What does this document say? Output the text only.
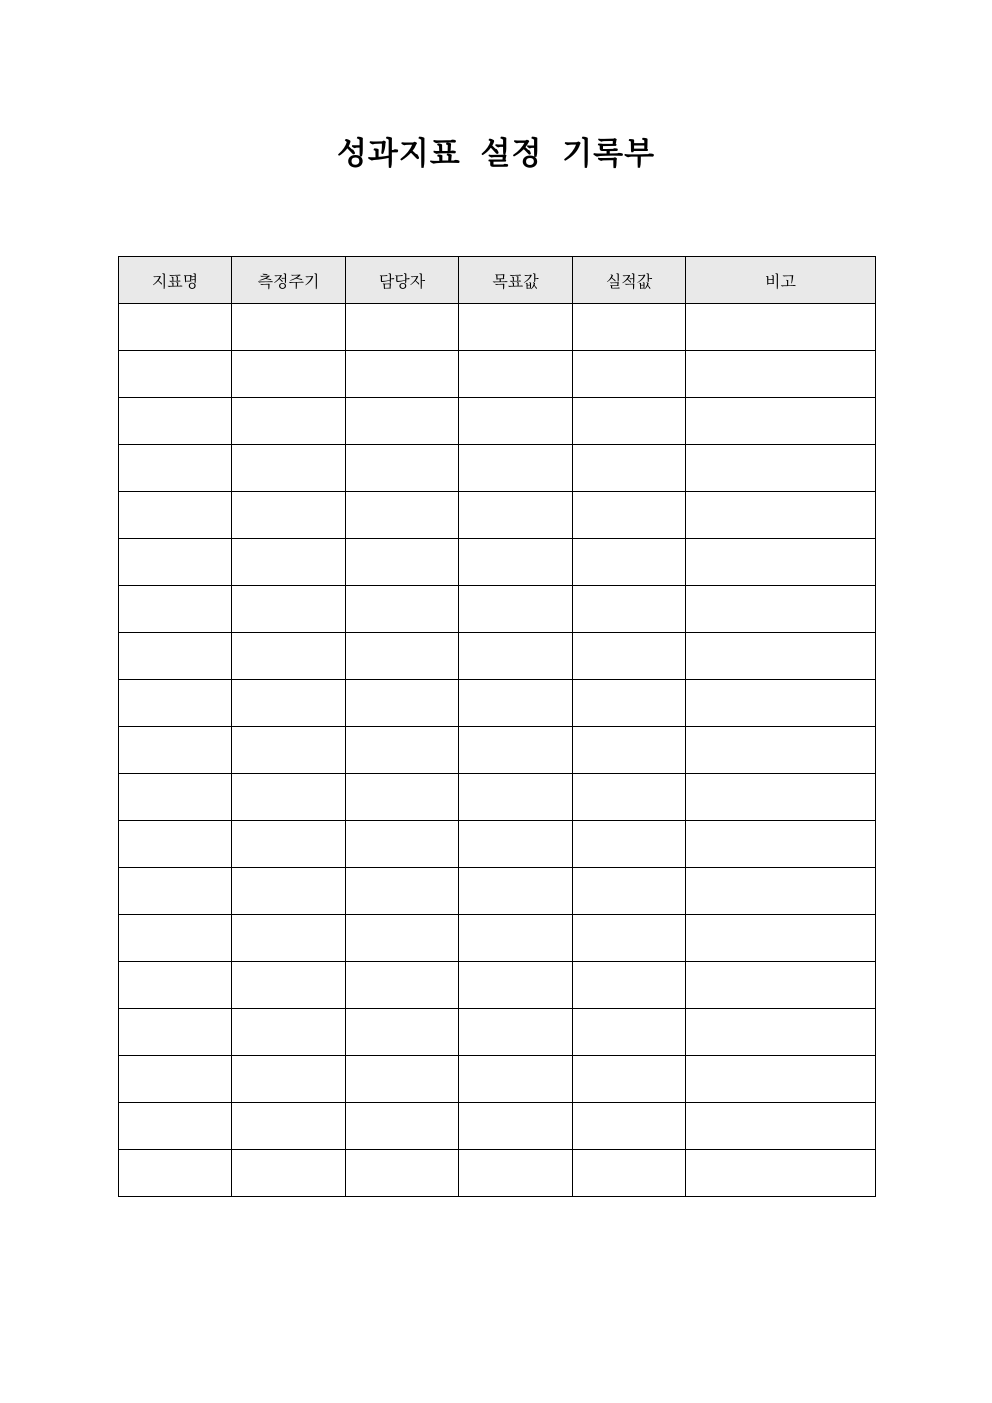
성과지표 설정 기록부
지표명	측정주기	담당자	목표값	실적값	비고
